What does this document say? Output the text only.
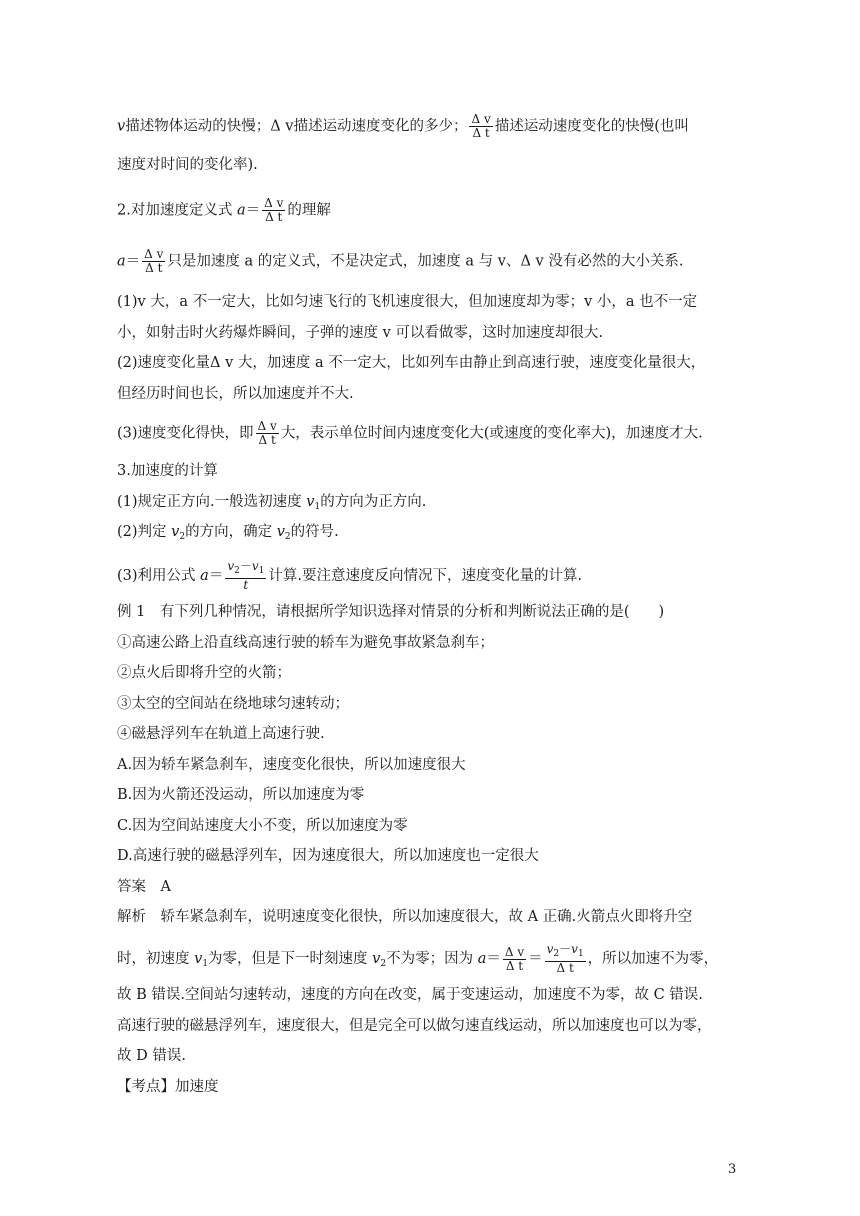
v描述物体运动的快慢；Δ v描述运动速度变化的多少； $\frac{\text{Δ v}}{\text{Δ t}}$ 描述运动速度变化的快慢(也叫
速度对时间的变化率).
2.对加速度定义式 $a= \frac{\text{Δ v}}{\text{Δ t}}$ 的理解
$a= \frac{\text{Δ v}}{\text{Δ t}}$ 只是加速度 a 的定义式，不是决定式，加速度 a 与 v、Δ v 没有必然的大小关系.
(1)v 大，a 不一定大，比如匀速飞行的飞机速度很大，但加速度却为零；v 小，a 也不一定
小，如射击时火药爆炸瞬间，子弹的速度 v 可以看做零，这时加速度却很大.
(2)速度变化量Δ v 大，加速度 a 不一定大，比如列车由静止到高速行驶，速度变化量很大，
但经历时间也长，所以加速度并不大.
(3)速度变化得快，即 $\frac{\text{Δ v}}{\text{Δ t}}$ 大，表示单位时间内速度变化大(或速度的变化率大)，加速度才大.
3.加速度的计算
(1)规定正方向.一般选初速度 $v_1$的方向为正方向.
(2)判定 $v_2$的方向，确定 $v_2$的符号.
(3)利用公式 $a= \frac{v_2-v_1}{t}$ 计算.要注意速度反向情况下，速度变化量的计算.
例 1　有下列几种情况，请根据所学知识选择对情景的分析和判断说法正确的是(　　)
①高速公路上沿直线高速行驶的轿车为避免事故紧急刹车；
②点火后即将升空的火箭；
③太空的空间站在绕地球匀速转动；
④磁悬浮列车在轨道上高速行驶.
A.因为轿车紧急刹车，速度变化很快，所以加速度很大
B.因为火箭还没运动，所以加速度为零
C.因为空间站速度大小不变，所以加速度为零
D.高速行驶的磁悬浮列车，因为速度很大，所以加速度也一定很大
答案　A
解析　轿车紧急刹车，说明速度变化很快，所以加速度很大，故 A 正确.火箭点火即将升空
时，初速度 $v_1$为零，但是下一时刻速度 $v_2$不为零；因为 $a= \frac{\text{Δ v}}{\text{Δ t}} = \frac{v_2-v_1}{\text{Δ t}}$ ，所以加速不为零，
故 B 错误.空间站匀速转动，速度的方向在改变，属于变速运动，加速度不为零，故 C 错误.
高速行驶的磁悬浮列车，速度很大，但是完全可以做匀速直线运动，所以加速度也可以为零，
故 D 错误.
【考点】加速度
3
